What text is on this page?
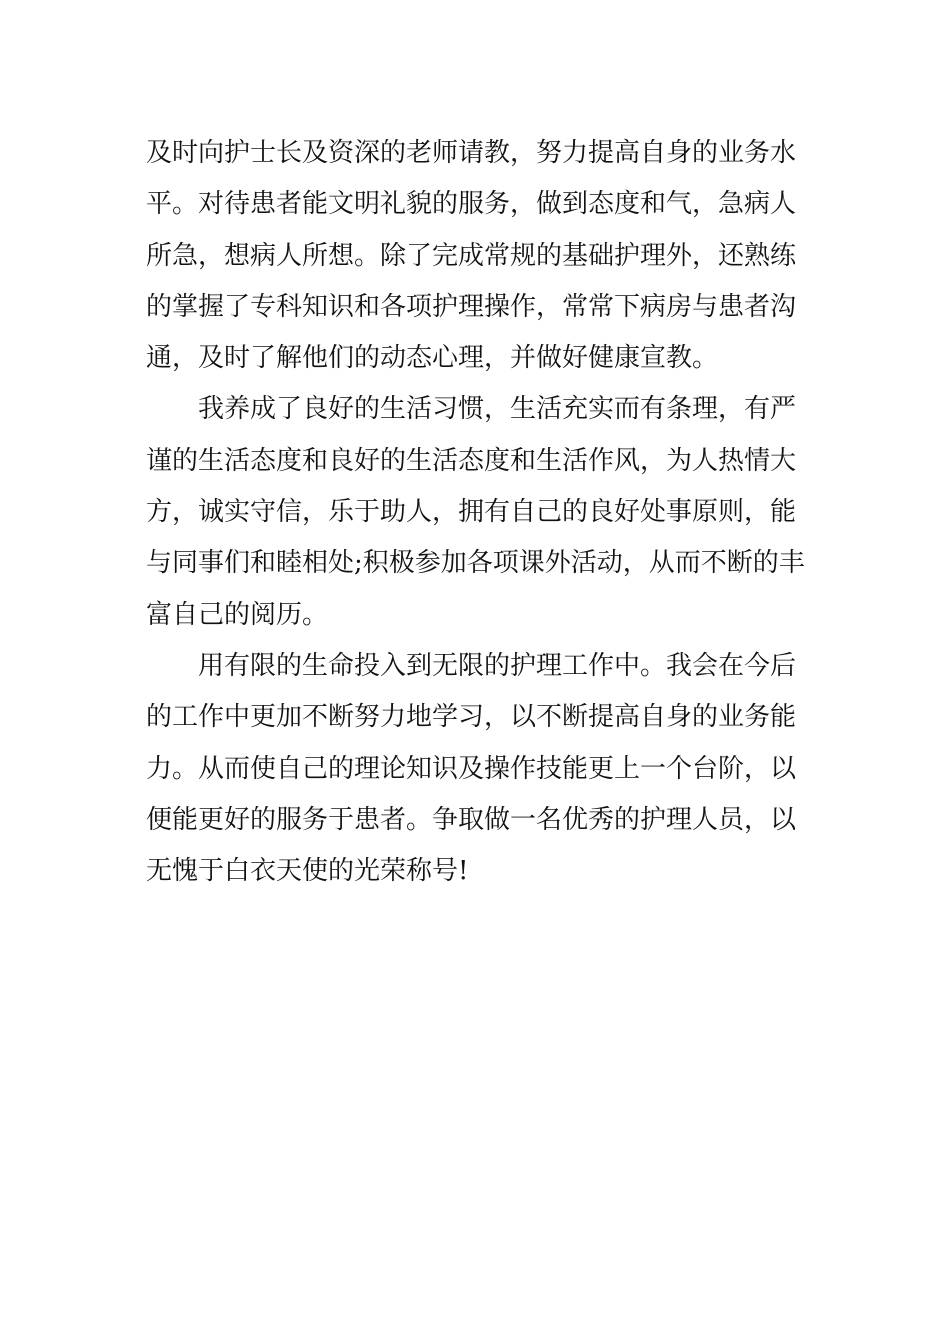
及时向护士长及资深的老师请教，努力提高自身的业务水
平。对待患者能文明礼貌的服务，做到态度和气，急病人
所急，想病人所想。除了完成常规的基础护理外，还熟练
的掌握了专科知识和各项护理操作，常常下病房与患者沟
通，及时了解他们的动态心理，并做好健康宣教。
我养成了良好的生活习惯，生活充实而有条理，有严
谨的生活态度和良好的生活态度和生活作风，为人热情大
方，诚实守信，乐于助人，拥有自己的良好处事原则，能
与同事们和睦相处;积极参加各项课外活动，从而不断的丰
富自己的阅历。
用有限的生命投入到无限的护理工作中。我会在今后
的工作中更加不断努力地学习，以不断提高自身的业务能
力。从而使自己的理论知识及操作技能更上一个台阶，以
便能更好的服务于患者。争取做一名优秀的护理人员，以
无愧于白衣天使的光荣称号!
